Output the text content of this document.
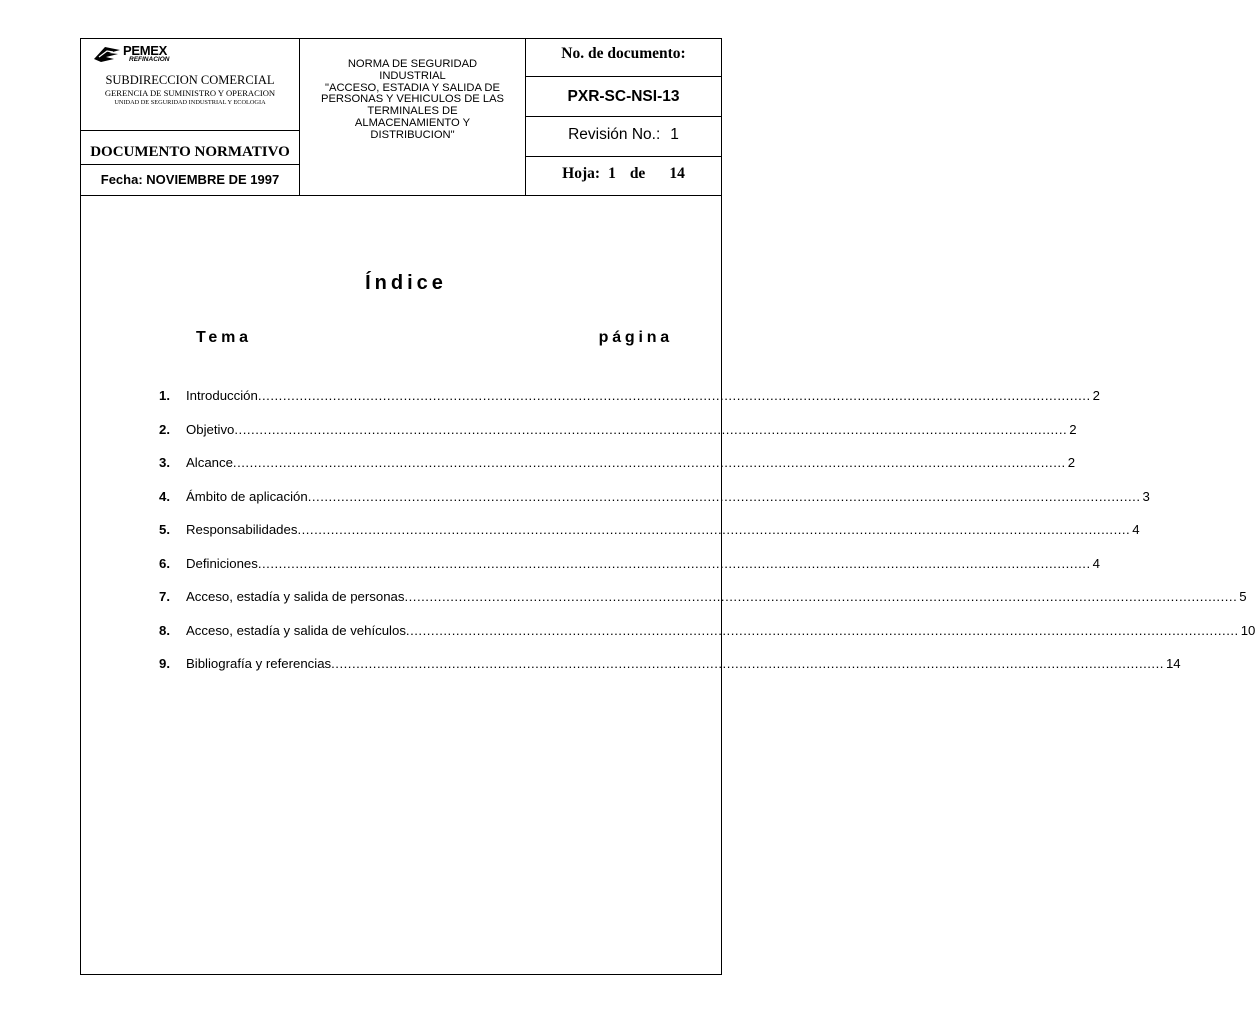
PEMEX
REFINACION
SUBDIRECCION COMERCIAL
GERENCIA DE SUMINISTRO Y OPERACION
UNIDAD DE SEGURIDAD INDUSTRIAL Y ECOLOGIA
DOCUMENTO NORMATIVO
Fecha: NOVIEMBRE DE 1997
NORMA DE SEGURIDAD
INDUSTRIAL
"ACCESO, ESTADIA Y SALIDA DE
PERSONAS Y VEHICULOS DE LAS
TERMINALES DE
ALMACENAMIENTO Y
DISTRIBUCION"
No. de documento:
PXR-SC-NSI-13
Revisión No.: 1
Hoja: 1 de 14
Índice
Tema	página
1.	Introducción ........................................................................................................................................................................................................ 2
2.	Objetivo ........................................................................................................................................................................................................ 2
3.	Alcance ........................................................................................................................................................................................................ 2
4.	Ámbito de aplicación ........................................................................................................................................................................................................ 3
5.	Responsabilidades ........................................................................................................................................................................................................ 4
6.	Definiciones ........................................................................................................................................................................................................ 4
7.	Acceso, estadía y salida de personas ........................................................................................................................................................................................................ 5
8.	Acceso, estadía y salida de vehículos ........................................................................................................................................................................................................ 10
9.	Bibliografía y referencias ........................................................................................................................................................................................................ 14
